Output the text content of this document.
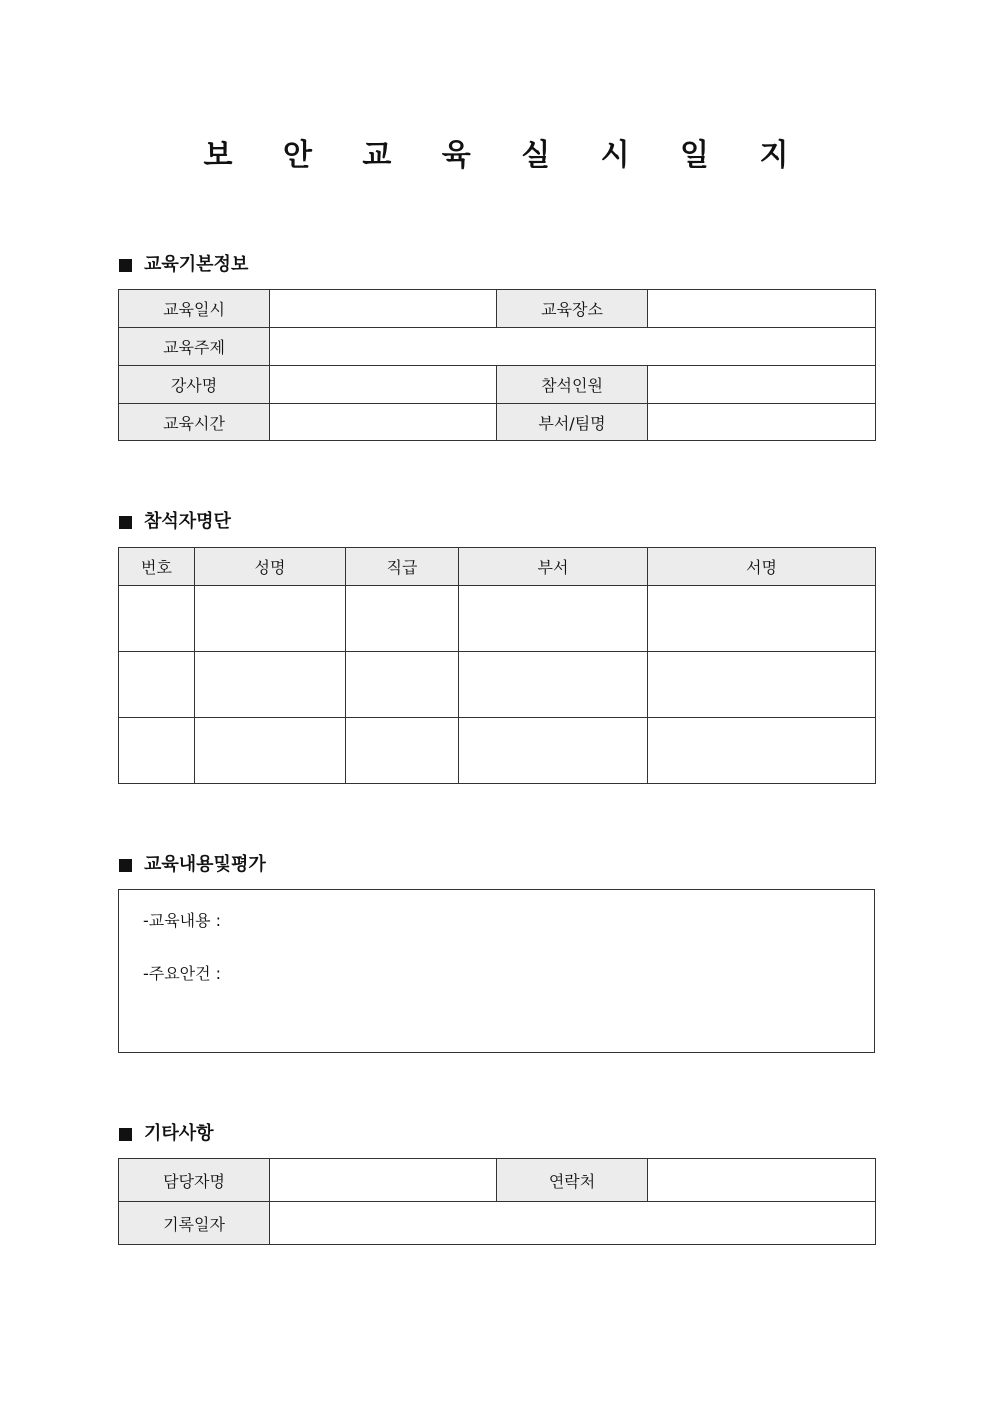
보 안 교 육 실 시 일 지
교육기본정보
교육일시		교육장소	
교육주제			
강사명		참석인원	
교육시간		부서/팀명	
참석자명단
번호	성명	직급	부서	서명

교육내용및평가
-교육내용 :
-주요안건 :
기타사항
담당자명		연락처	
기록일자			
